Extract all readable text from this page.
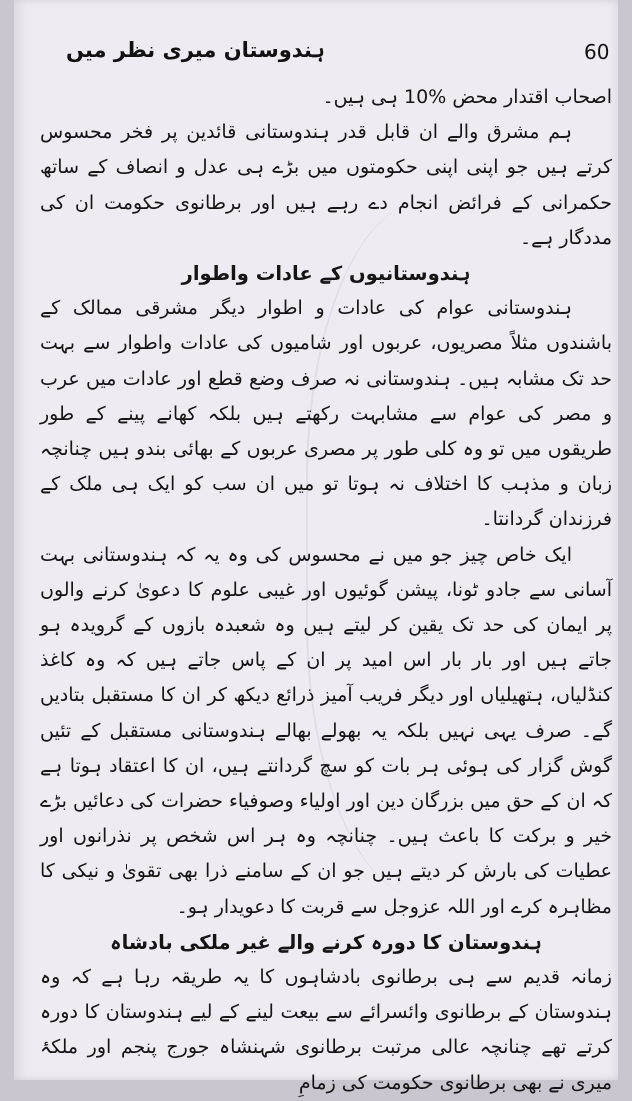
ہندوستان میری نظر میں	60

اصحاب اقتدار محض %10 ہی ہیں۔

ہم مشرق والے ان قابل قدر ہندوستانی قائدین پر فخر محسوس کرتے ہیں جو اپنی اپنی حکومتوں میں بڑے ہی عدل و انصاف کے ساتھ حکمرانی کے فرائض انجام دے رہے ہیں اور برطانوی حکومت ان کی مددگار ہے۔

ہندوستانیوں کے عادات واطوار

ہندوستانی عوام کی عادات و اطوار دیگر مشرقی ممالک کے باشندوں مثلاً مصریوں، عربوں اور شامیوں کی عادات واطوار سے بہت حد تک مشابہ ہیں۔ ہندوستانی نہ صرف وضع قطع اور عادات میں عرب و مصر کی عوام سے مشابہت رکھتے ہیں بلکہ کھانے پینے کے طور طریقوں میں تو وہ کلی طور پر مصری عربوں کے بھائی بندو ہیں چنانچہ زبان و مذہب کا اختلاف نہ ہوتا تو میں ان سب کو ایک ہی ملک کے فرزندان گردانتا۔

ایک خاص چیز جو میں نے محسوس کی وہ یہ کہ ہندوستانی بہت آسانی سے جادو ٹونا، پیشن گوئیوں اور غیبی علوم کا دعویٰ کرنے والوں پر ایمان کی حد تک یقین کر لیتے ہیں وہ شعبدہ بازوں کے گرویدہ ہو جاتے ہیں اور بار بار اس امید پر ان کے پاس جاتے ہیں کہ وہ کاغذ کنڈلیاں، ہتھیلیاں اور دیگر فریب آمیز ذرائع دیکھ کر ان کا مستقبل بتادیں گے۔ صرف یہی نہیں بلکہ یہ بھولے بھالے ہندوستانی مستقبل کے تئیں گوش گزار کی ہوئی ہر بات کو سچ گردانتے ہیں، ان کا اعتقاد ہوتا ہے کہ ان کے حق میں بزرگان دین اور اولیاء وصوفیاء حضرات کی دعائیں بڑے خیر و برکت کا باعث ہیں۔ چنانچہ وہ ہر اس شخص پر نذرانوں اور عطیات کی بارش کر دیتے ہیں جو ان کے سامنے ذرا بھی تقویٰ و نیکی کا مظاہرہ کرے اور اللہ عزوجل سے قربت کا دعویدار ہو۔

ہندوستان کا دورہ کرنے والے غیر ملکی بادشاہ

زمانہ قدیم سے ہی برطانوی بادشاہوں کا یہ طریقہ رہا ہے کہ وہ ہندوستان کے برطانوی وائسرائے سے بیعت لینے کے لیے ہندوستان کا دورہ کرتے تھے چنانچہ عالی مرتبت برطانوی شہنشاہ جورج پنجم اور ملکۂ میری نے بھی برطانوی حکومت کی زمامِ
